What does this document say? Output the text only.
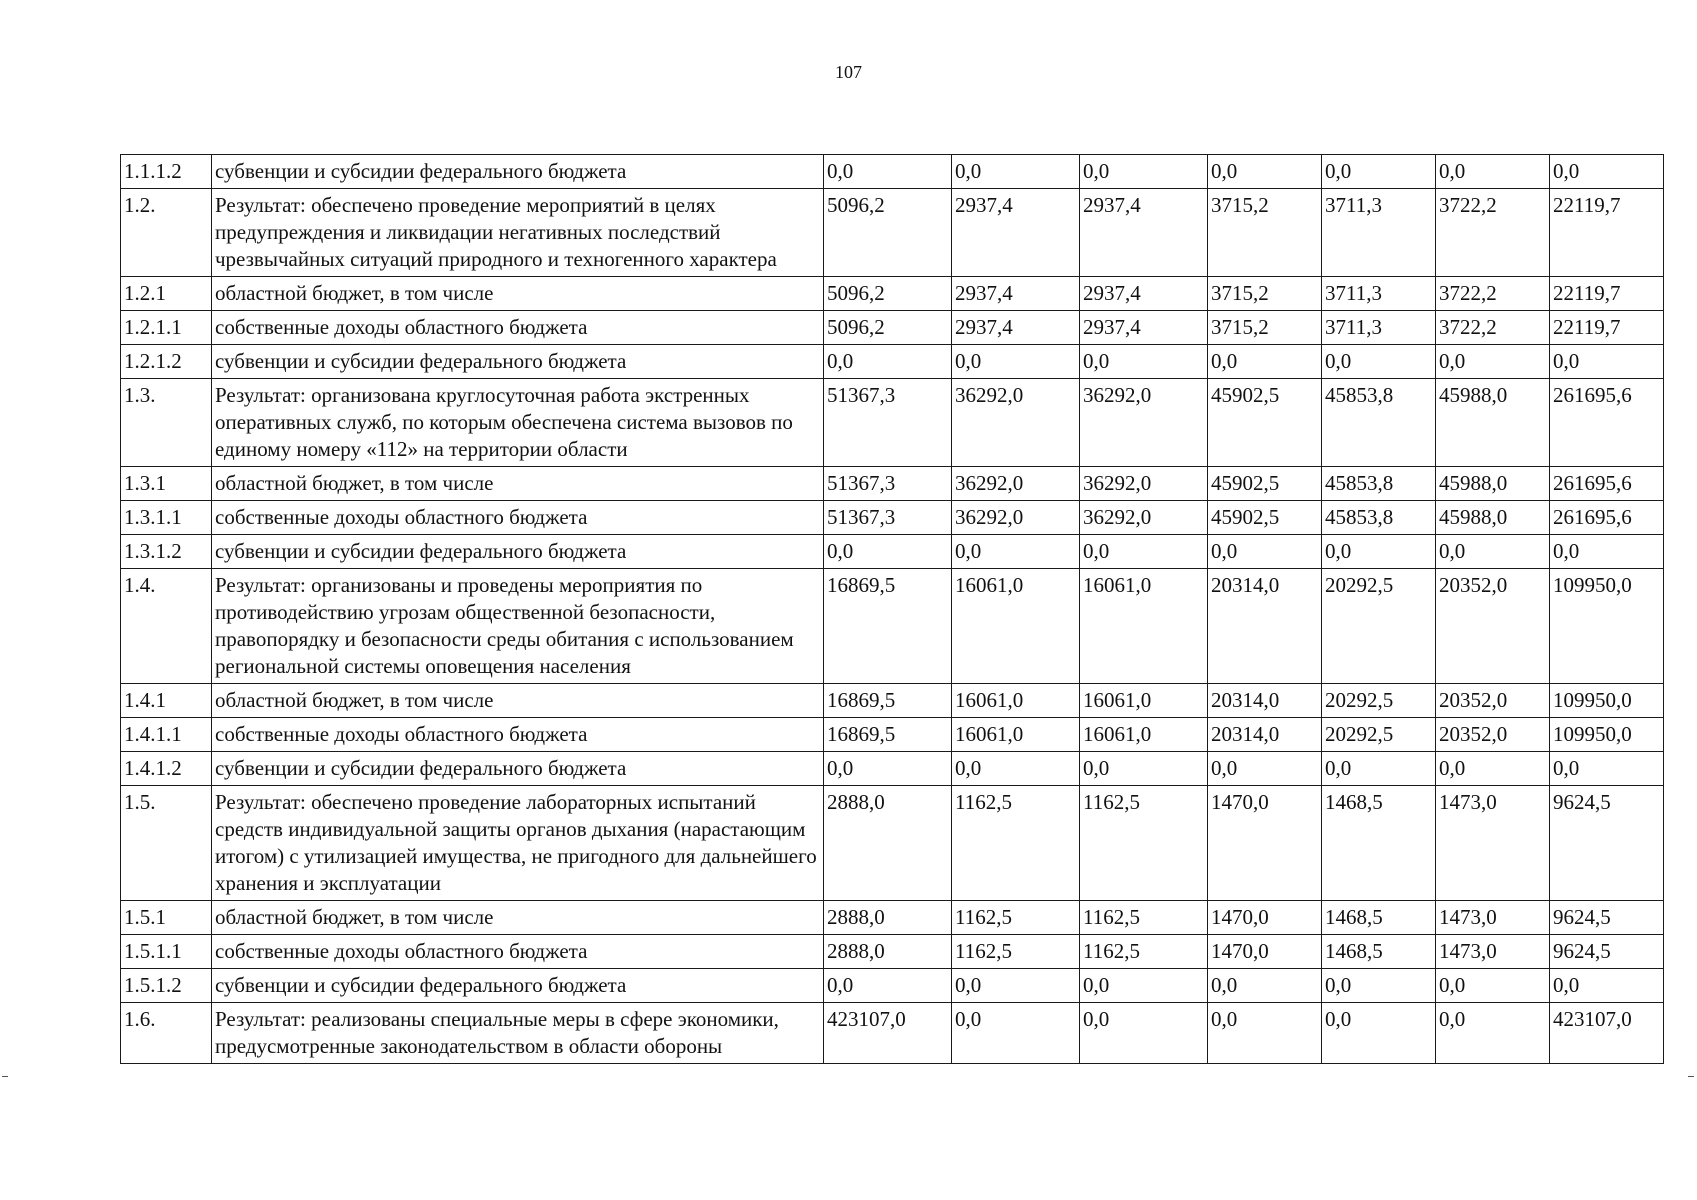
107
1.1.1.2	субвенции и субсидии федерального бюджета	0,0	0,0	0,0	0,0	0,0	0,0	0,0
1.2.	Результат: обеспечено проведение мероприятий в целях предупреждения и ликвидации негативных последствий чрезвычайных ситуаций природного и техногенного характера	5096,2	2937,4	2937,4	3715,2	3711,3	3722,2	22119,7
1.2.1	областной бюджет, в том числе	5096,2	2937,4	2937,4	3715,2	3711,3	3722,2	22119,7
1.2.1.1	собственные доходы областного бюджета	5096,2	2937,4	2937,4	3715,2	3711,3	3722,2	22119,7
1.2.1.2	субвенции и субсидии федерального бюджета	0,0	0,0	0,0	0,0	0,0	0,0	0,0
1.3.	Результат: организована круглосуточная работа экстренных оперативных служб, по которым обеспечена система вызовов по единому номеру «112» на территории области	51367,3	36292,0	36292,0	45902,5	45853,8	45988,0	261695,6
1.3.1	областной бюджет, в том числе	51367,3	36292,0	36292,0	45902,5	45853,8	45988,0	261695,6
1.3.1.1	собственные доходы областного бюджета	51367,3	36292,0	36292,0	45902,5	45853,8	45988,0	261695,6
1.3.1.2	субвенции и субсидии федерального бюджета	0,0	0,0	0,0	0,0	0,0	0,0	0,0
1.4.	Результат: организованы и проведены мероприятия по противодействию угрозам общественной безопасности, правопорядку и безопасности среды обитания с использованием региональной системы оповещения населения	16869,5	16061,0	16061,0	20314,0	20292,5	20352,0	109950,0
1.4.1	областной бюджет, в том числе	16869,5	16061,0	16061,0	20314,0	20292,5	20352,0	109950,0
1.4.1.1	собственные доходы областного бюджета	16869,5	16061,0	16061,0	20314,0	20292,5	20352,0	109950,0
1.4.1.2	субвенции и субсидии федерального бюджета	0,0	0,0	0,0	0,0	0,0	0,0	0,0
1.5.	Результат: обеспечено проведение лабораторных испытаний средств индивидуальной защиты органов дыхания (нарастающим итогом) с утилизацией имущества, не пригодного для дальнейшего хранения и эксплуатации	2888,0	1162,5	1162,5	1470,0	1468,5	1473,0	9624,5
1.5.1	областной бюджет, в том числе	2888,0	1162,5	1162,5	1470,0	1468,5	1473,0	9624,5
1.5.1.1	собственные доходы областного бюджета	2888,0	1162,5	1162,5	1470,0	1468,5	1473,0	9624,5
1.5.1.2	субвенции и субсидии федерального бюджета	0,0	0,0	0,0	0,0	0,0	0,0	0,0
1.6.	Результат: реализованы специальные меры в сфере экономики, предусмотренные законодательством в области обороны	423107,0	0,0	0,0	0,0	0,0	0,0	423107,0
